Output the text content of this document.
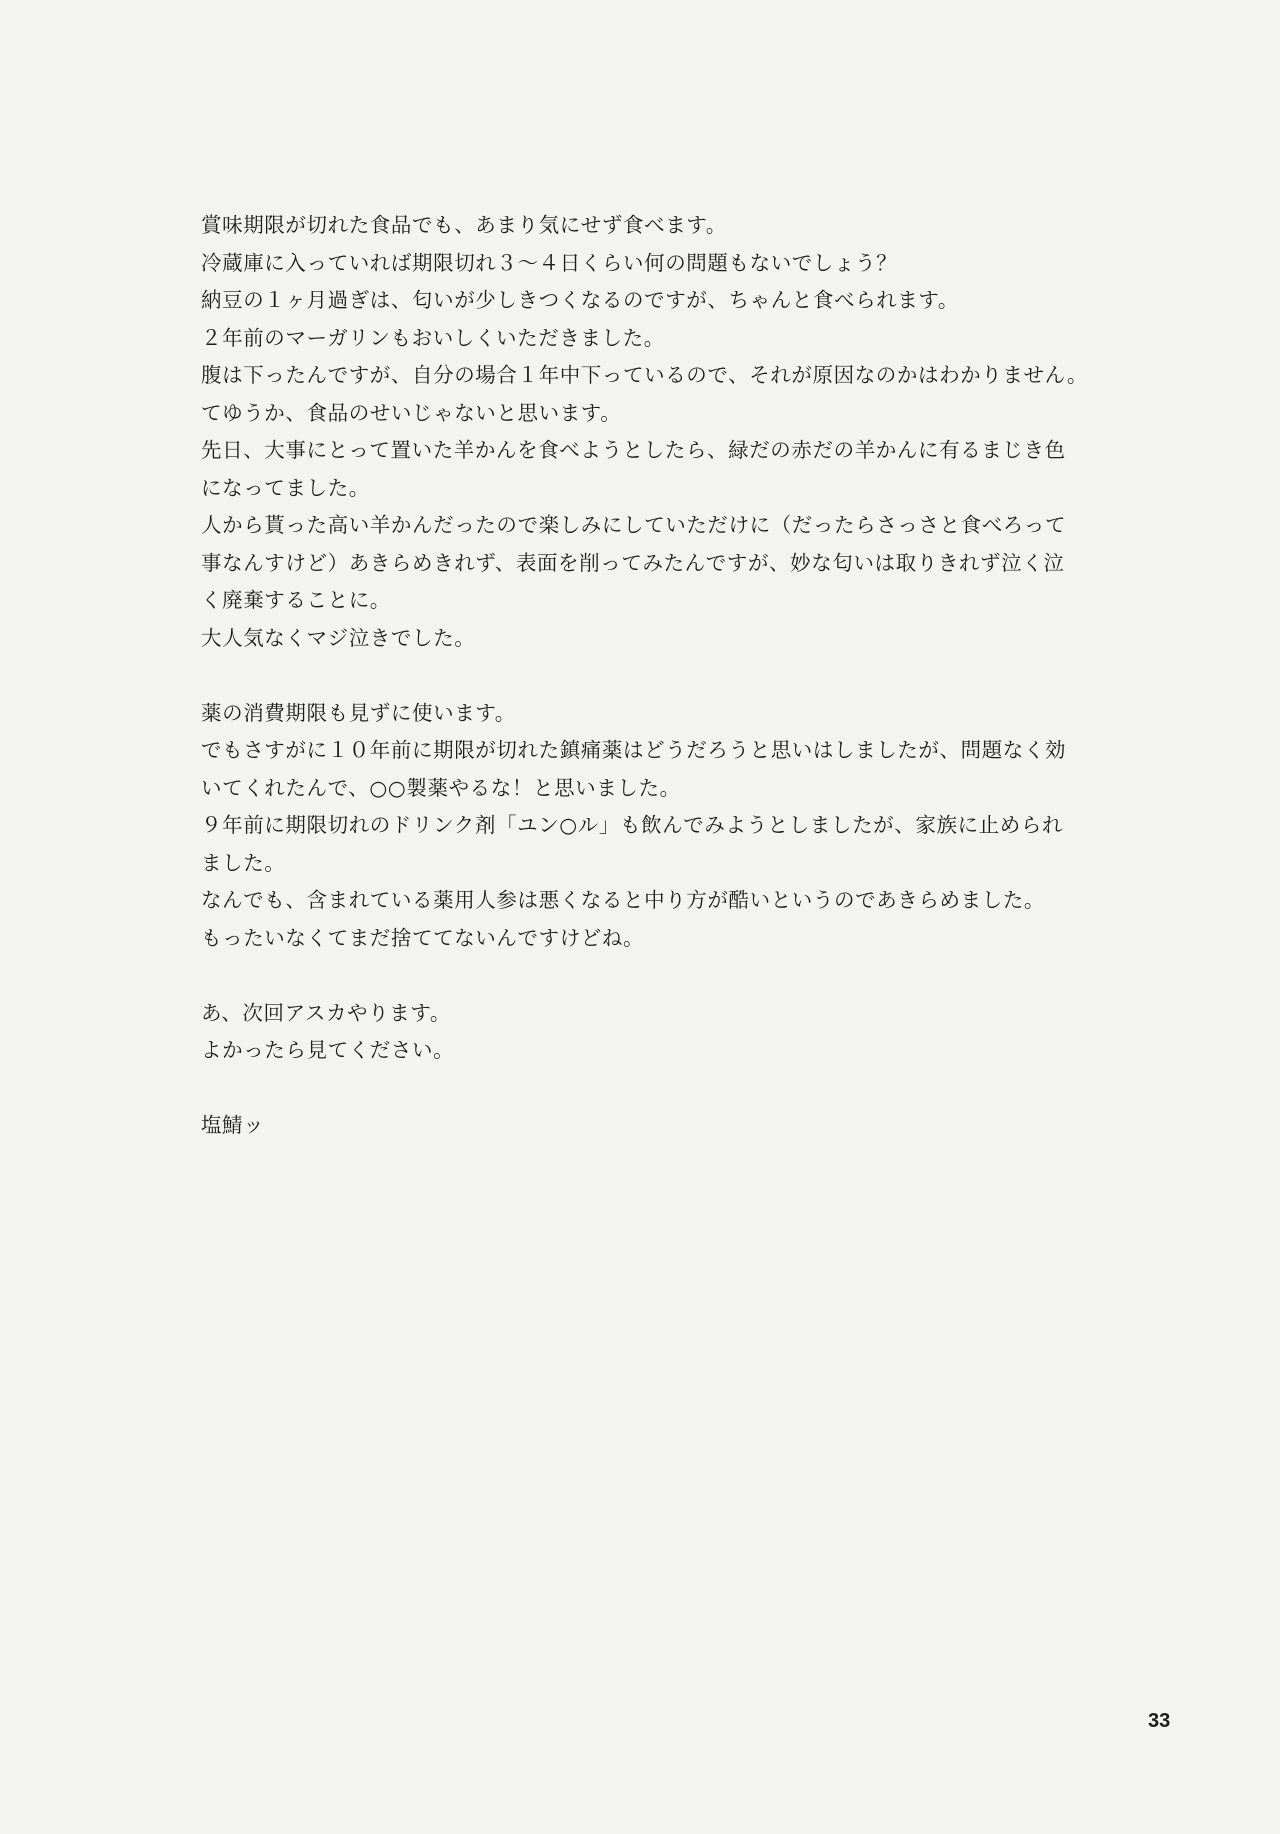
賞味期限が切れた食品でも、あまり気にせず食べます。
冷蔵庫に入っていれば期限切れ３～４日くらい何の問題もないでしょう？
納豆の１ヶ月過ぎは、匂いが少しきつくなるのですが、ちゃんと食べられます。
２年前のマーガリンもおいしくいただきました。
腹は下ったんですが、自分の場合１年中下っているので、それが原因なのかはわかりません。
てゆうか、食品のせいじゃないと思います。
先日、大事にとって置いた羊かんを食べようとしたら、緑だの赤だの羊かんに有るまじき色
になってました。
人から貰った高い羊かんだったので楽しみにしていただけに（だったらさっさと食べろって
事なんすけど）あきらめきれず、表面を削ってみたんですが、妙な匂いは取りきれず泣く泣
く廃棄することに。
大人気なくマジ泣きでした。
薬の消費期限も見ずに使います。
でもさすがに１０年前に期限が切れた鎮痛薬はどうだろうと思いはしましたが、問題なく効
いてくれたんで、○○製薬やるな！と思いました。
９年前に期限切れのドリンク剤「ユン○ル」も飲んでみようとしましたが、家族に止められ
ました。
なんでも、含まれている薬用人参は悪くなると中り方が酷いというのであきらめました。
もったいなくてまだ捨ててないんですけどね。
あ、次回アスカやります。
よかったら見てください。
塩鯖ッ
33
